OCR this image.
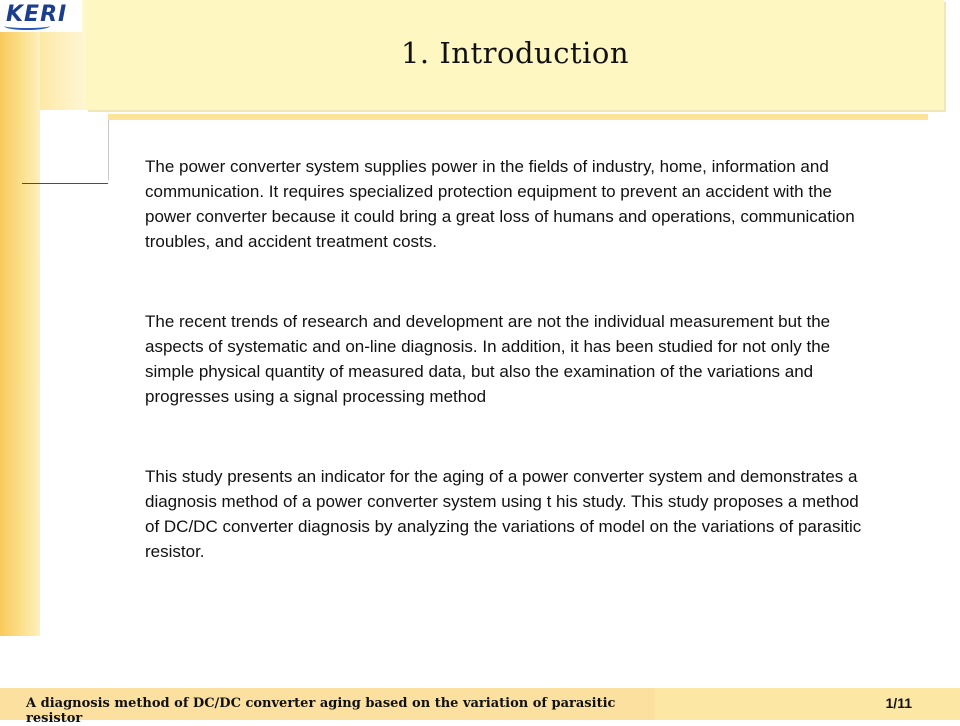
1. Introduction
KERI

The power converter system supplies power in the fields of industry, home, information and communication. It requires specialized protection equipment to prevent an accident with the power converter because it could bring a great loss of humans and operations, communication troubles, and accident treatment costs.

The recent trends of research and development are not the individual measurement but the aspects of systematic and on-line diagnosis. In addition, it has been studied for not only the simple physical quantity of measured data, but also the examination of the variations and progresses using a signal processing method

This study presents an indicator for the aging of a power converter system and demonstrates a diagnosis method of a power converter system using t his study. This study proposes a method of DC/DC converter diagnosis by analyzing the variations of model on the variations of parasitic resistor.

A diagnosis method of DC/DC converter aging based on the variation of parasitic resistor
1/11
